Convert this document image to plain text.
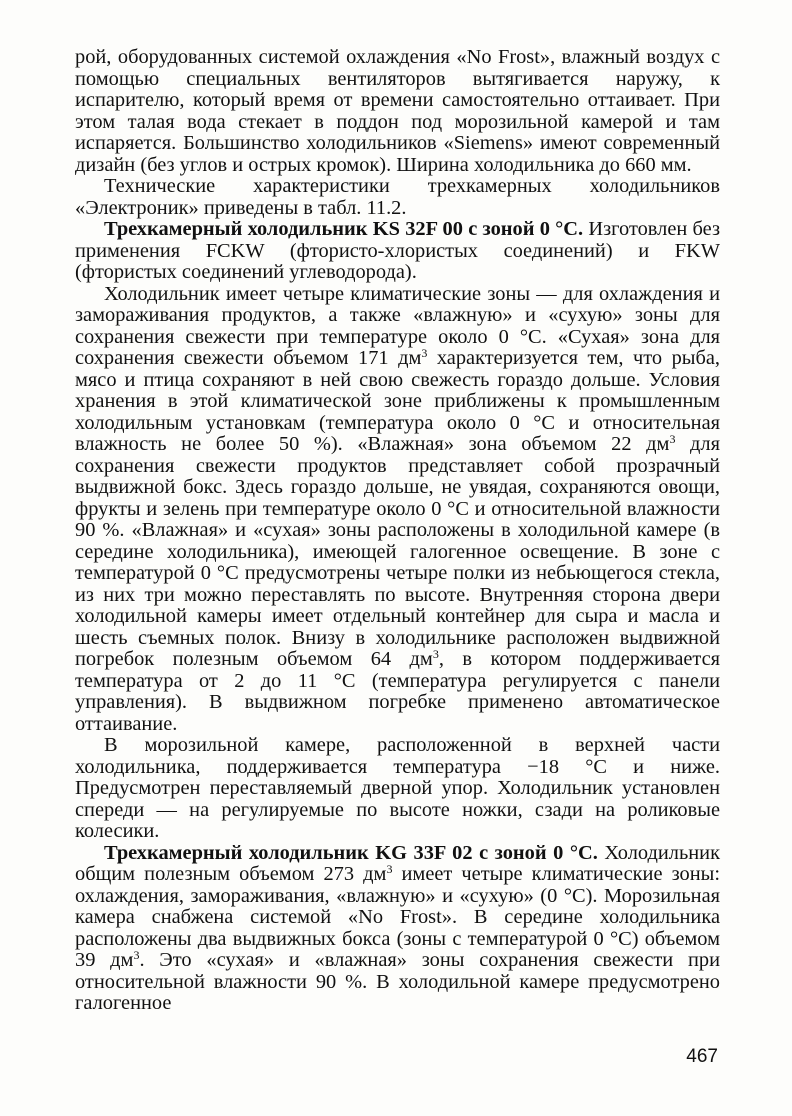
рой, оборудованных системой охлаждения «No Frost», влажный воздух с помощью специальных вентиляторов вытягивается наружу, к испарителю, который время от времени самостоятельно оттаивает. При этом талая вода стекает в поддон под морозильной камерой и там испаряется. Большинство холодильников «Siemens» имеют современный дизайн (без углов и острых кромок). Ширина холодильника до 660 мм.

Технические характеристики трехкамерных холодильников «Электроник» приведены в табл. 11.2.

Трехкамерный холодильник KS 32F 00 с зоной 0 °C. Изготовлен без применения FCKW (фтористо-хлористых соединений) и FKW (фтористых соединений углеводорода).

Холодильник имеет четыре климатические зоны — для охлаждения и замораживания продуктов, а также «влажную» и «сухую» зоны для сохранения свежести при температуре около 0 °C. «Сухая» зона для сохранения свежести объемом 171 $дм^3$ характеризуется тем, что рыба, мясо и птица сохраняют в ней свою свежесть гораздо дольше. Условия хранения в этой климатической зоне приближены к промышленным холодильным установкам (температура около 0 °C и относительная влажность не более 50 %). «Влажная» зона объемом 22 $дм^3$ для сохранения свежести продуктов представляет собой прозрачный выдвижной бокс. Здесь гораздо дольше, не увядая, сохраняются овощи, фрукты и зелень при температуре около 0 °C и относительной влажности 90 %. «Влажная» и «сухая» зоны расположены в холодильной камере (в середине холодильника), имеющей галогенное освещение. В зоне с температурой 0 °C предусмотрены четыре полки из небьющегося стекла, из них три можно переставлять по высоте. Внутренняя сторона двери холодильной камеры имеет отдельный контейнер для сыра и масла и шесть съемных полок. Внизу в холодильнике расположен выдвижной погребок полезным объемом 64 $дм^3$, в котором поддерживается температура от 2 до 11 °C (температура регулируется с панели управления). В выдвижном погребке применено автоматическое оттаивание.

В морозильной камере, расположенной в верхней части холодильника, поддерживается температура −18 °C и ниже. Предусмотрен переставляемый дверной упор. Холодильник установлен спереди — на регулируемые по высоте ножки, сзади на роликовые колесики.

Трехкамерный холодильник KG 33F 02 с зоной 0 °C. Холодильник общим полезным объемом 273 $дм^3$ имеет четыре климатические зоны: охлаждения, замораживания, «влажную» и «сухую» (0 °C). Морозильная камера снабжена системой «No Frost». В середине холодильника расположены два выдвижных бокса (зоны с температурой 0 °C) объемом 39 $дм^3$. Это «сухая» и «влажная» зоны сохранения свежести при относительной влажности 90 %. В холодильной камере предусмотрено галогенное

467
